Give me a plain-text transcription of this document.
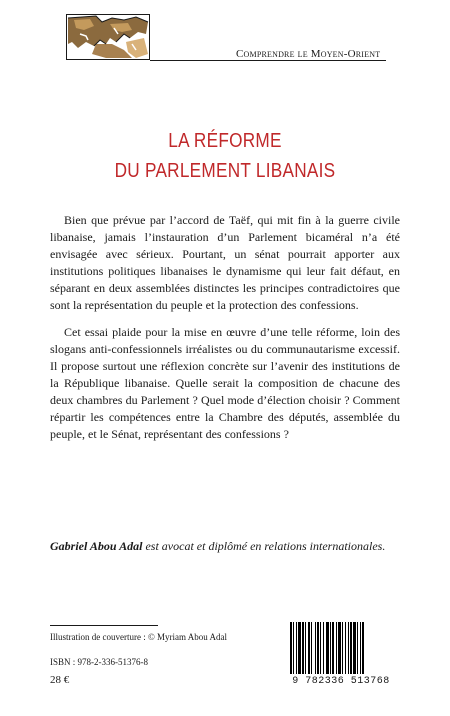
Comprendre le Moyen-Orient
LA RÉFORME
DU PARLEMENT LIBANAIS

Bien que prévue par l’accord de Taëf, qui mit fin à la guerre civile libanaise, jamais l’instauration d’un Parlement bicaméral n’a été envisagée avec sérieux. Pourtant, un sénat pourrait apporter aux institutions politiques libanaises le dynamisme qui leur fait défaut, en séparant en deux assemblées distinctes les principes contradictoires que sont la représentation du peuple et la protection des confessions.

Cet essai plaide pour la mise en œuvre d’une telle réforme, loin des slogans anti-confessionnels irréalistes ou du communautarisme excessif. Il propose surtout une réflexion concrète sur l’avenir des institutions de la République libanaise. Quelle serait la composition de chacune des deux chambres du Parlement ? Quel mode d’élection choisir ? Comment répartir les compétences entre la Chambre des députés, assemblée du peuple, et le Sénat, représentant des confessions ?

Gabriel Abou Adal est avocat et diplômé en relations internationales.

Illustration de couverture : © Myriam Abou Adal
ISBN : 978-2-336-51376-8
28 €	9 782336 513768
